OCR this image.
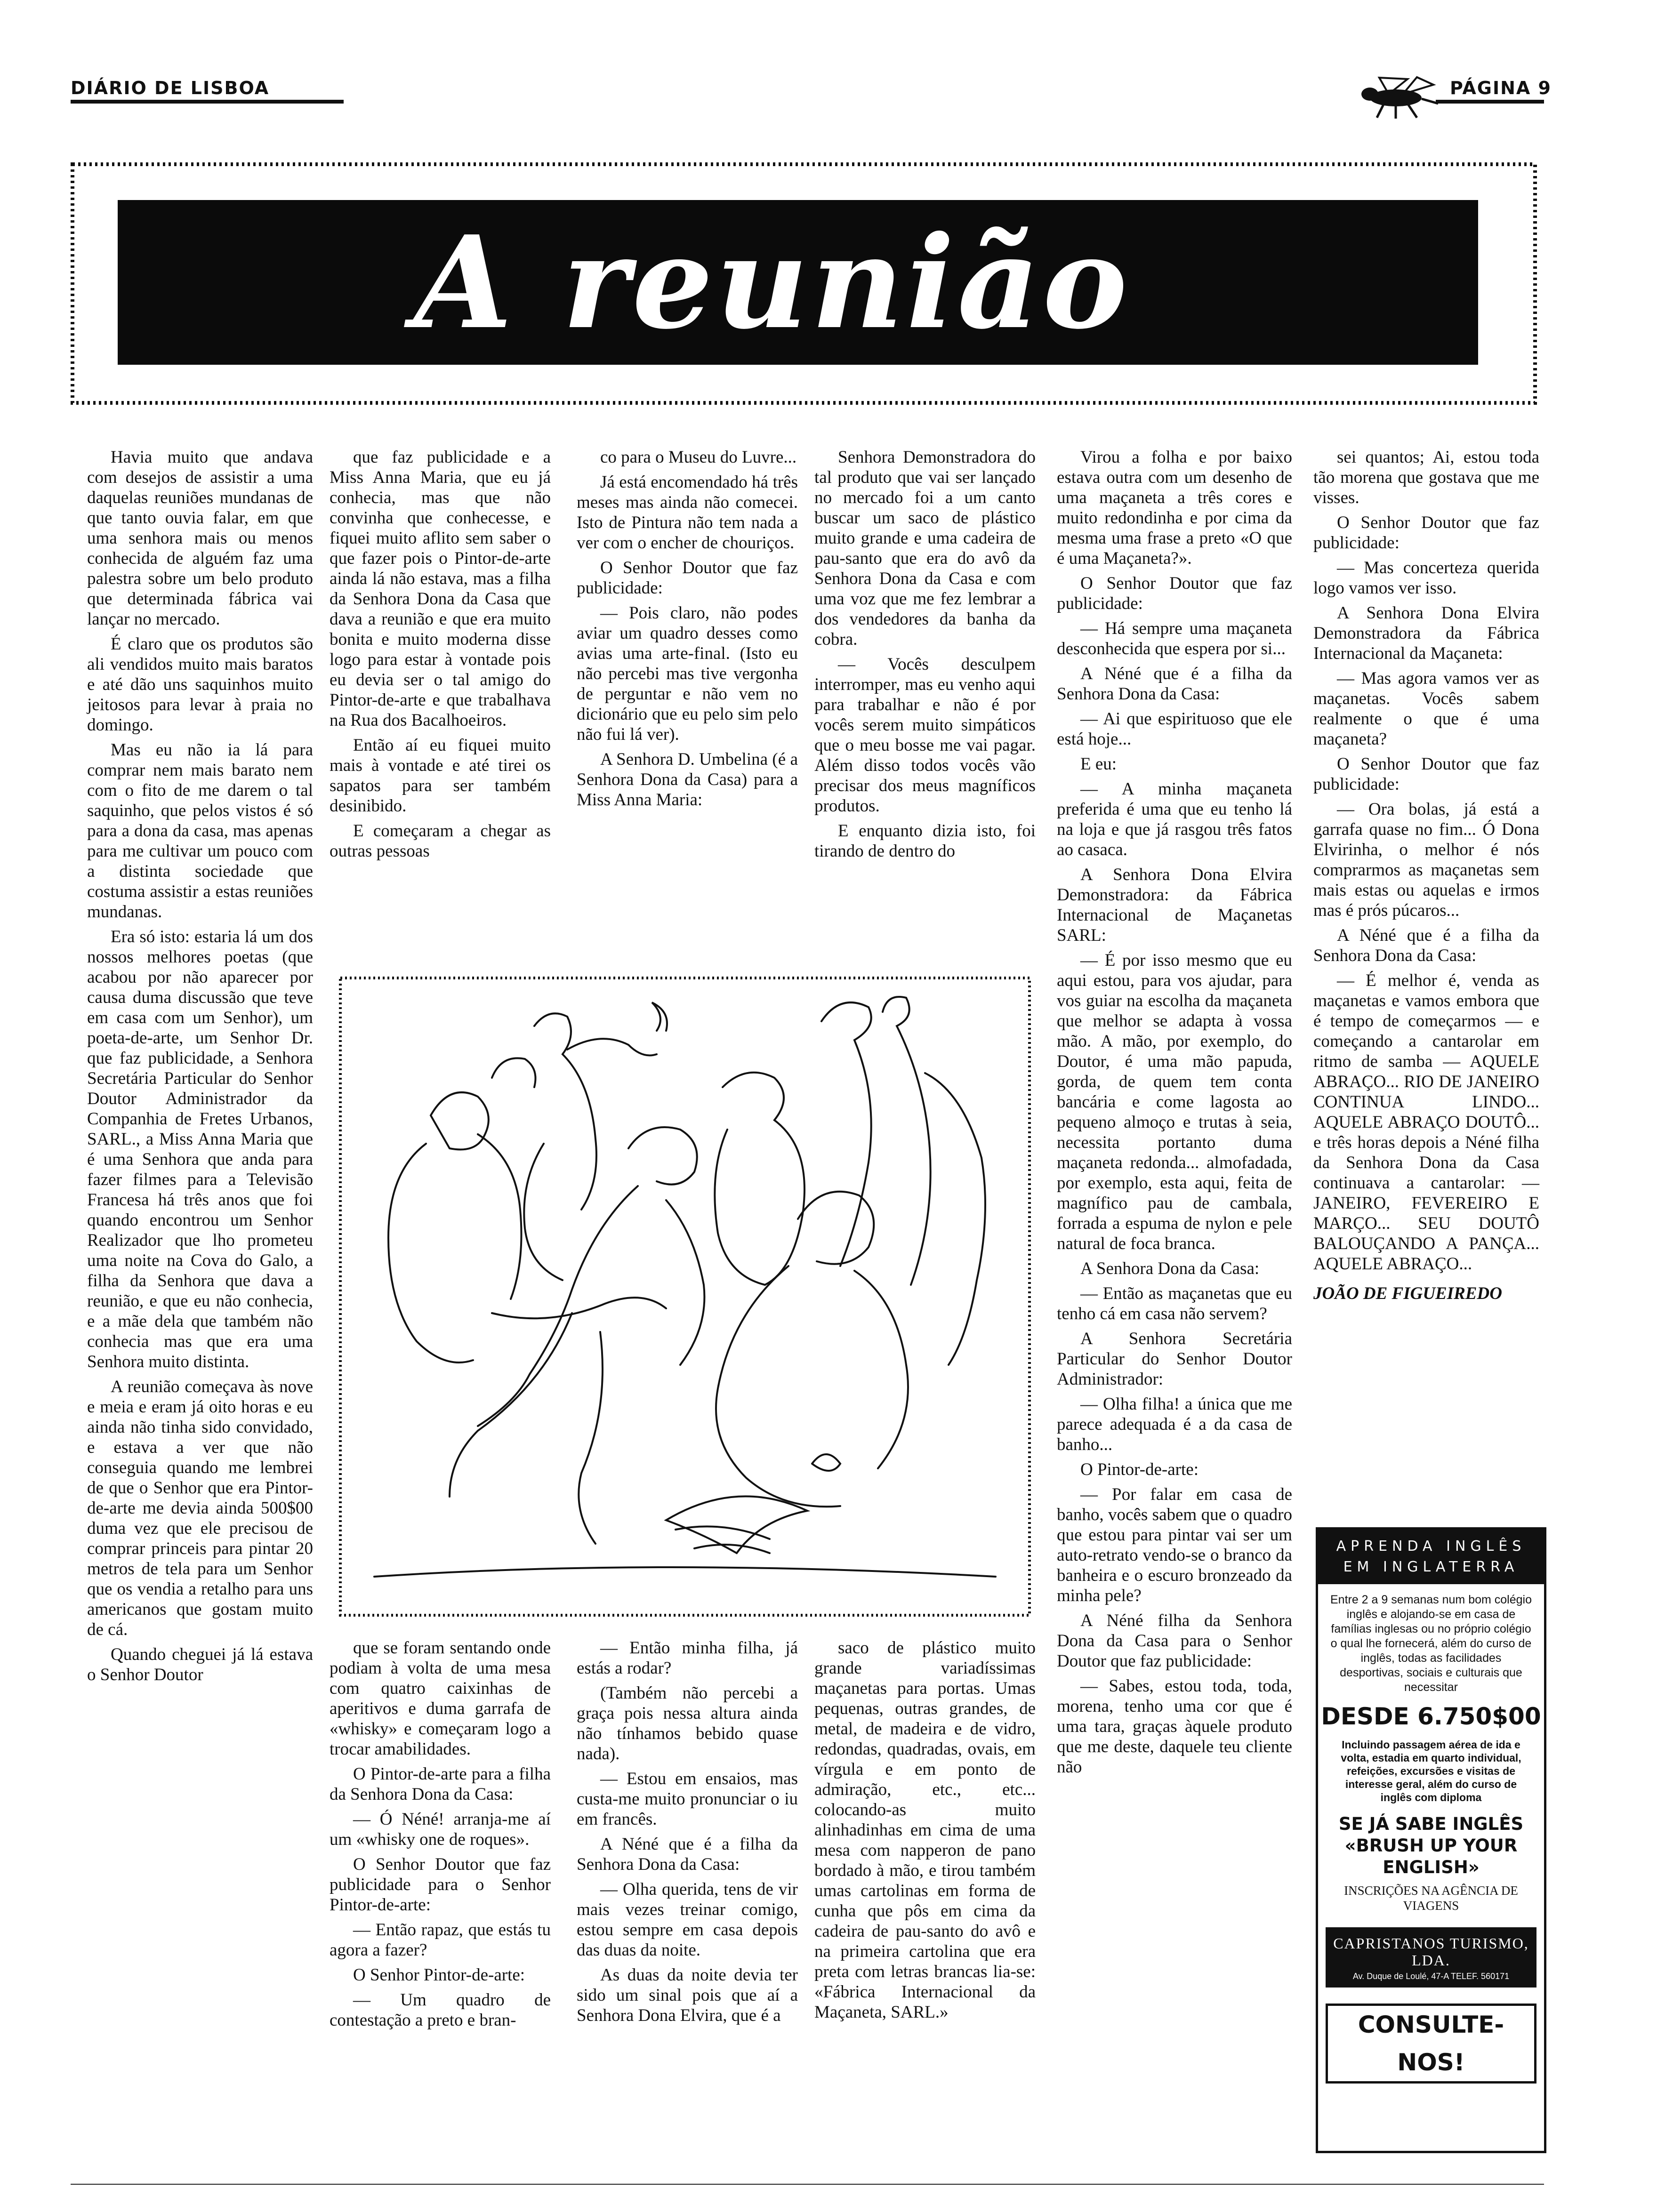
DIÁRIO DE LISBOA	PÁGINA 9
A reunião

Havia muito que andava com desejos de assistir a uma daquelas reuniões mundanas de que tanto ouvia falar, em que uma senhora mais ou menos conhecida de alguém faz uma palestra sobre um belo produto que determinada fábrica vai lançar no mercado.

É claro que os produtos são ali vendidos muito mais baratos e até dão uns saquinhos muito jeitosos para levar à praia no domingo.

Mas eu não ia lá para comprar nem mais barato nem com o fito de me darem o tal saquinho, que pelos vistos é só para a dona da casa, mas apenas para me cultivar um pouco com a distinta sociedade que costuma assistir a estas reuniões mundanas.

Era só isto: estaria lá um dos nossos melhores poetas (que acabou por não aparecer por causa duma discussão que teve em casa com um Senhor), um poeta-de-arte, um Senhor Dr. que faz publicidade, a Senhora Secretária Particular do Senhor Doutor Administrador da Companhia de Fretes Urbanos, SARL., a Miss Anna Maria que é uma Senhora que anda para fazer filmes para a Televisão Francesa há três anos que foi quando encontrou um Senhor Realizador que lho prometeu uma noite na Cova do Galo, a filha da Senhora que dava a reunião, e que eu não conhecia, e a mãe dela que também não conhecia mas que era uma Senhora muito distinta.

A reunião começava às nove e meia e eram já oito horas e eu ainda não tinha sido convidado, e estava a ver que não conseguia quando me lembrei de que o Senhor que era Pintor-de-arte me devia ainda 500$00 duma vez que ele precisou de comprar princeis para pintar 20 metros de tela para um Senhor que os vendia a retalho para uns americanos que gostam muito de cá.

Quando cheguei já lá estava o Senhor Doutor

que faz publicidade e a Miss Anna Maria, que eu já conhecia, mas que não convinha que conhecesse, e fiquei muito aflito sem saber o que fazer pois o Pintor-de-arte ainda lá não estava, mas a filha da Senhora Dona da Casa que dava a reunião e que era muito bonita e muito moderna disse logo para estar à vontade pois eu devia ser o tal amigo do Pintor-de-arte e que trabalhava na Rua dos Bacalhoeiros.

Então aí eu fiquei muito mais à vontade e até tirei os sapatos para ser também desinibido.

E começaram a chegar as outras pessoas

co para o Museu do Luvre...

Já está encomendado há três meses mas ainda não comecei. Isto de Pintura não tem nada a ver com o encher de chouriços.

O Senhor Doutor que faz publicidade:

— Pois claro, não podes aviar um quadro desses como avias uma arte-final. (Isto eu não percebi mas tive vergonha de perguntar e não vem no dicionário que eu pelo sim pelo não fui lá ver).

A Senhora D. Umbelina (é a Senhora Dona da Casa) para a Miss Anna Maria:

Senhora Demonstradora do tal produto que vai ser lançado no mercado foi a um canto buscar um saco de plástico muito grande e uma cadeira de pau-santo que era do avô da Senhora Dona da Casa e com uma voz que me fez lembrar a dos vendedores da banha da cobra.

— Vocês desculpem interromper, mas eu venho aqui para trabalhar e não é por vocês serem muito simpáticos que o meu bosse me vai pagar. Além disso todos vocês vão precisar dos meus magníficos produtos.

E enquanto dizia isto, foi tirando de dentro do

Virou a folha e por baixo estava outra com um desenho de uma maçaneta a três cores e muito redondinha e por cima da mesma uma frase a preto «O que é uma Maçaneta?».

O Senhor Doutor que faz publicidade:

— Há sempre uma maçaneta desconhecida que espera por si...

A Néné que é a filha da Senhora Dona da Casa:

— Ai que espirituoso que ele está hoje...

E eu:

— A minha maçaneta preferida é uma que eu tenho lá na loja e que já rasgou três fatos ao casaca.

A Senhora Dona Elvira Demonstradora: da Fábrica Internacional de Maçanetas SARL:

— É por isso mesmo que eu aqui estou, para vos ajudar, para vos guiar na escolha da maçaneta que melhor se adapta à vossa mão. A mão, por exemplo, do Doutor, é uma mão papuda, gorda, de quem tem conta bancária e come lagosta ao pequeno almoço e trutas à seia, necessita portanto duma maçaneta redonda... almofadada, por exemplo, esta aqui, feita de magnífico pau de cambala, forrada a espuma de nylon e pele natural de foca branca.

A Senhora Dona da Casa:

— Então as maçanetas que eu tenho cá em casa não servem?

A Senhora Secretária Particular do Senhor Doutor Administrador:

— Olha filha! a única que me parece adequada é a da casa de banho...

O Pintor-de-arte:

— Por falar em casa de banho, vocês sabem que o quadro que estou para pintar vai ser um auto-retrato vendo-se o branco da banheira e o escuro bronzeado da minha pele?

A Néné filha da Senhora Dona da Casa para o Senhor Doutor que faz publicidade:

— Sabes, estou toda, toda, morena, tenho uma cor que é uma tara, graças àquele produto que me deste, daquele teu cliente não

sei quantos; Ai, estou toda tão morena que gostava que me visses.

O Senhor Doutor que faz publicidade:

— Mas concerteza querida logo vamos ver isso.

A Senhora Dona Elvira Demonstradora da Fábrica Internacional da Maçaneta:

— Mas agora vamos ver as maçanetas. Vocês sabem realmente o que é uma maçaneta?

O Senhor Doutor que faz publicidade:

— Ora bolas, já está a garrafa quase no fim... Ó Dona Elvirinha, o melhor é nós comprarmos as maçanetas sem mais estas ou aquelas e irmos mas é prós púcaros...

A Néné que é a filha da Senhora Dona da Casa:

— É melhor é, venda as maçanetas e vamos embora que é tempo de começarmos — e começando a cantarolar em ritmo de samba — AQUELE ABRAÇO... RIO DE JANEIRO CONTINUA LINDO... AQUELE ABRAÇO DOUTÔ... e três horas depois a Néné filha da Senhora Dona da Casa continuava a cantarolar: — JANEIRO, FEVEREIRO E MARÇO... SEU DOUTÔ BALOUÇANDO A PANÇA... AQUELE ABRAÇO...

JOÃO DE FIGUEIREDO

que se foram sentando onde podiam à volta de uma mesa com quatro caixinhas de aperitivos e duma garrafa de «whisky» e começaram logo a trocar amabilidades.

O Pintor-de-arte para a filha da Senhora Dona da Casa:

— Ó Néné! arranja-me aí um «whisky one de roques».

O Senhor Doutor que faz publicidade para o Senhor Pintor-de-arte:

— Então rapaz, que estás tu agora a fazer?

O Senhor Pintor-de-arte:

— Um quadro de contestação a preto e bran-

— Então minha filha, já estás a rodar?

(Também não percebi a graça pois nessa altura ainda não tínhamos bebido quase nada).

— Estou em ensaios, mas custa-me muito pronunciar o iu em francês.

A Néné que é a filha da Senhora Dona da Casa:

— Olha querida, tens de vir mais vezes treinar comigo, estou sempre em casa depois das duas da noite.

As duas da noite devia ter sido um sinal pois que aí a Senhora Dona Elvira, que é a

saco de plástico muito grande variadíssimas maçanetas para portas. Umas pequenas, outras grandes, de metal, de madeira e de vidro, redondas, quadradas, ovais, em vírgula e em ponto de admiração, etc., etc... colocando-as muito alinhadinhas em cima de uma mesa com napperon de pano bordado à mão, e tirou também umas cartolinas em forma de cunha que pôs em cima da cadeira de pau-santo do avô e na primeira cartolina que era preta com letras brancas lia-se: «Fábrica Internacional da Maçaneta, SARL.»

APRENDA INGLÊS EM INGLATERRA
Entre 2 a 9 semanas num bom colégio inglês e alojando-se em casa de famílias inglesas ou no próprio colégio o qual lhe fornecerá, além do curso de inglês, todas as facilidades desportivas, sociais e culturais que necessitar
DESDE 6.750$00
Incluindo passagem aérea de ida e volta, estadia em quarto individual, refeições, excursões e visitas de interesse geral, além do curso de inglês com diploma
SE JÁ SABE INGLÊS «BRUSH UP YOUR ENGLISH»
INSCRIÇÕES NA AGÊNCIA DE VIAGENS
CAPRISTANOS TURISMO, LDA.
Av. Duque de Loulé, 47-A TELEF. 560171
CONSULTE-NOS!
